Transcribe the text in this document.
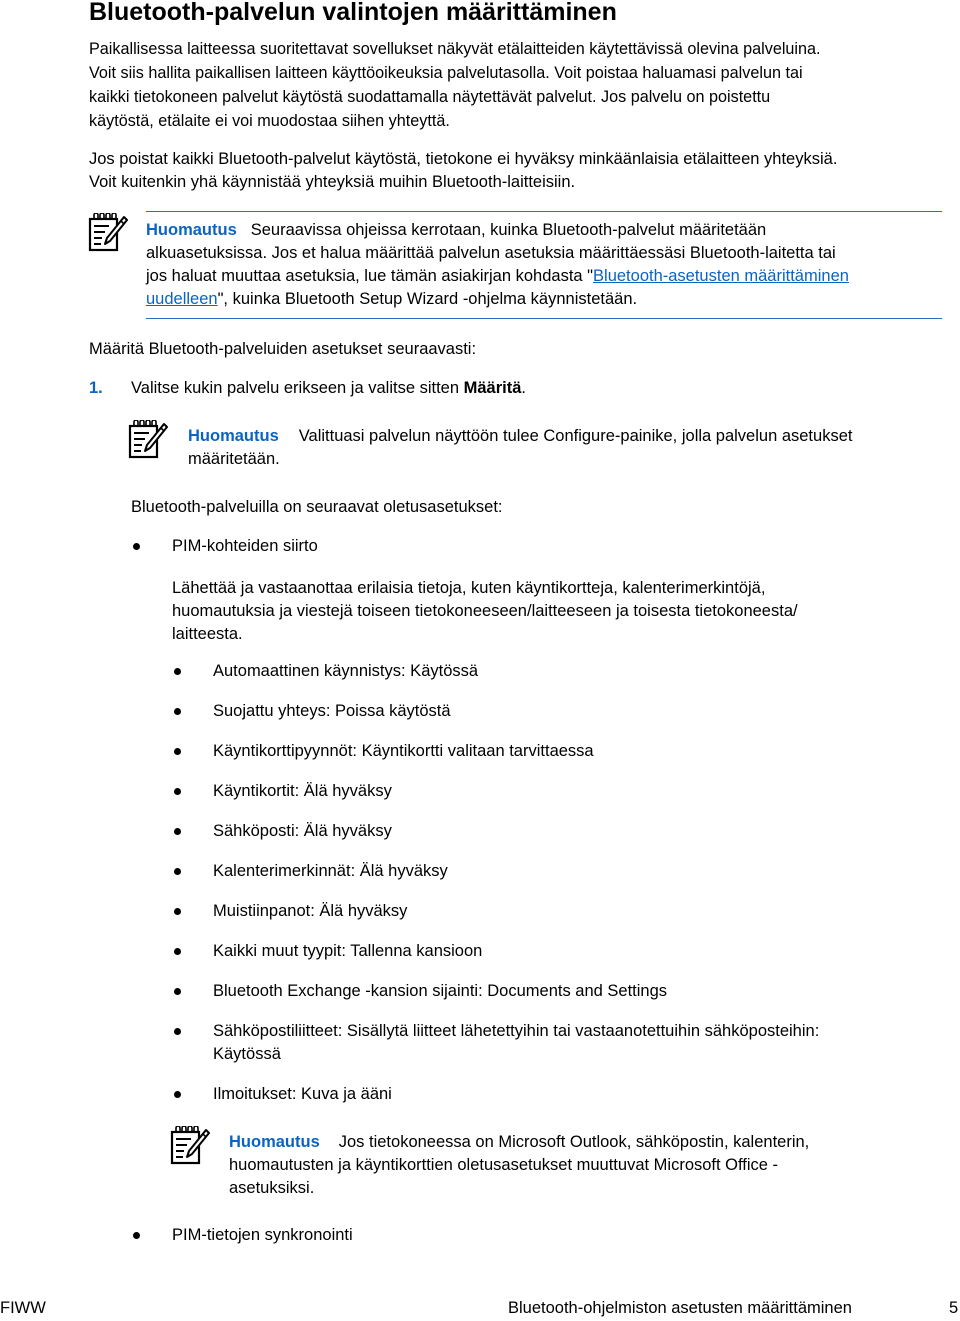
Bluetooth-palvelun valintojen määrittäminen
Paikallisessa laitteessa suoritettavat sovellukset näkyvät etälaitteiden käytettävissä olevina palveluina.
Voit siis hallita paikallisen laitteen käyttöoikeuksia palvelutasolla. Voit poistaa haluamasi palvelun tai
kaikki tietokoneen palvelut käytöstä suodattamalla näytettävät palvelut. Jos palvelu on poistettu
käytöstä, etälaite ei voi muodostaa siihen yhteyttä.
Jos poistat kaikki Bluetooth-palvelut käytöstä, tietokone ei hyväksy minkäänlaisia etälaitteen yhteyksiä.
Voit kuitenkin yhä käynnistää yhteyksiä muihin Bluetooth-laitteisiin.
Huomautus Seuraavissa ohjeissa kerrotaan, kuinka Bluetooth-palvelut määritetään
alkuasetuksissa. Jos et halua määrittää palvelun asetuksia määrittäessäsi Bluetooth-laitetta tai
jos haluat muuttaa asetuksia, lue tämän asiakirjan kohdasta "Bluetooth-asetusten määrittäminen
uudelleen", kuinka Bluetooth Setup Wizard -ohjelma käynnistetään.
Määritä Bluetooth-palveluiden asetukset seuraavasti:
1. Valitse kukin palvelu erikseen ja valitse sitten Määritä.
Huomautus Valittuasi palvelun näyttöön tulee Configure-painike, jolla palvelun asetukset
määritetään.
Bluetooth-palveluilla on seuraavat oletusasetukset:
PIM-kohteiden siirto
Lähettää ja vastaanottaa erilaisia tietoja, kuten käyntikortteja, kalenterimerkintöjä,
huomautuksia ja viestejä toiseen tietokoneeseen/laitteeseen ja toisesta tietokoneesta/
laitteesta.
Automaattinen käynnistys: Käytössä
Suojattu yhteys: Poissa käytöstä
Käyntikorttipyynnöt: Käyntikortti valitaan tarvittaessa
Käyntikortit: Älä hyväksy
Sähköposti: Älä hyväksy
Kalenterimerkinnät: Älä hyväksy
Muistiinpanot: Älä hyväksy
Kaikki muut tyypit: Tallenna kansioon
Bluetooth Exchange -kansion sijainti: Documents and Settings
Sähköpostiliitteet: Sisällytä liitteet lähetettyihin tai vastaanotettuihin sähköposteihin:
Käytössä
Ilmoitukset: Kuva ja ääni
Huomautus Jos tietokoneessa on Microsoft Outlook, sähköpostin, kalenterin,
huomautusten ja käyntikorttien oletusasetukset muuttuvat Microsoft Office -
asetuksiksi.
PIM-tietojen synkronointi
FIWW	Bluetooth-ohjelmiston asetusten määrittäminen	5
